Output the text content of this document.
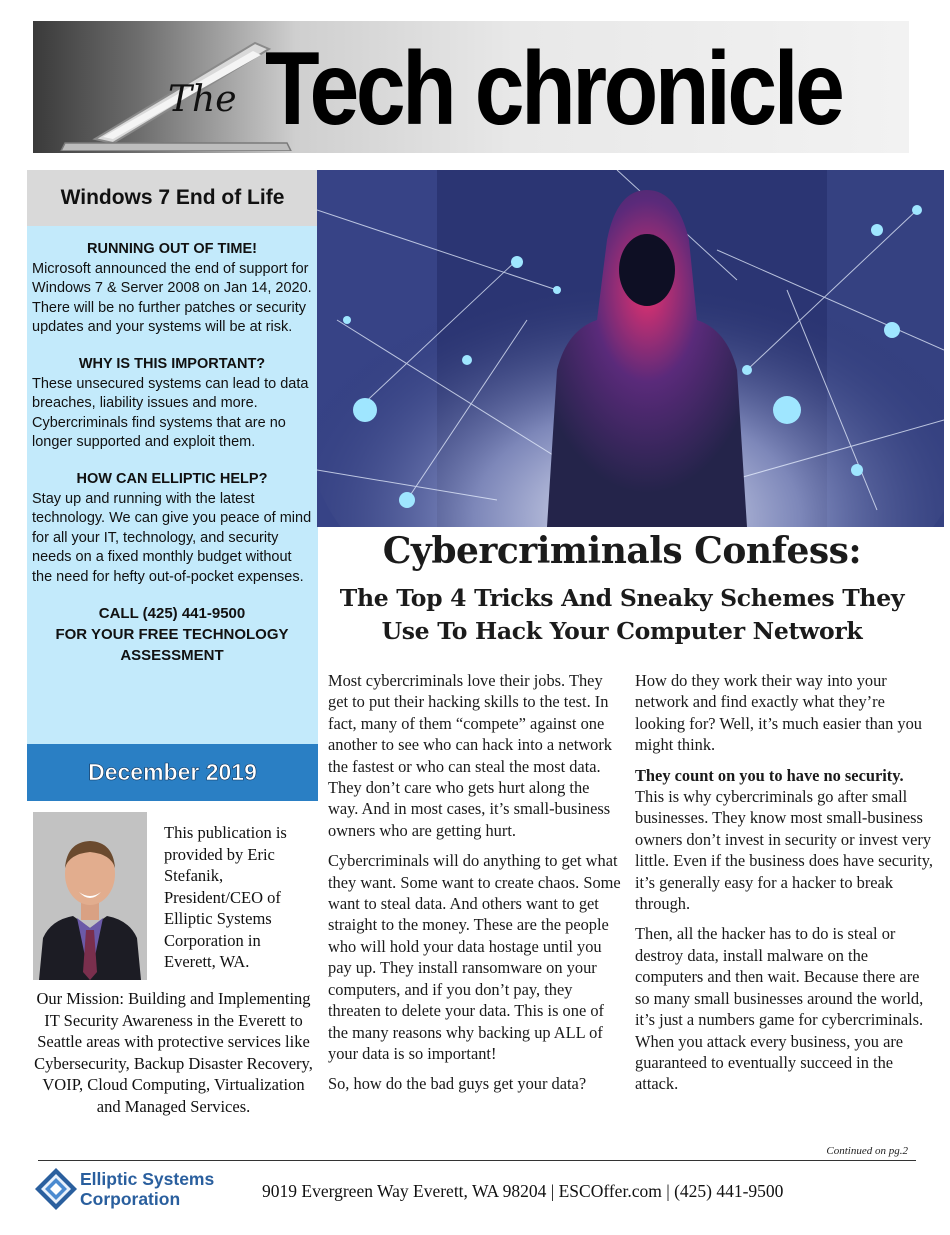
The Tech chronicle
Windows 7 End of Life
RUNNING OUT OF TIME!
Microsoft announced the end of support for Windows 7 & Server 2008 on Jan 14, 2020. There will be no further patches or security updates and your systems will be at risk.
WHY IS THIS IMPORTANT?
These unsecured systems can lead to data breaches, liability issues and more. Cybercriminals find systems that are no longer supported and exploit them.
HOW CAN ELLIPTIC HELP?
Stay up and running with the latest technology. We can give you peace of mind for all your IT, technology, and security needs on a fixed monthly budget without the need for hefty out-of-pocket expenses.
CALL (425) 441-9500
FOR YOUR FREE TECHNOLOGY
ASSESSMENT
December 2019
This publication is provided by Eric Stefanik, President/CEO of Elliptic Systems Corporation in Everett, WA.
Our Mission: Building and Implementing IT Security Awareness in the Everett to Seattle areas with protective services like Cybersecurity, Backup Disaster Recovery, VOIP, Cloud Computing, Virtualization and Managed Services.
Cybercriminals Confess:
The Top 4 Tricks And Sneaky Schemes They Use To Hack Your Computer Network

Most cybercriminals love their jobs. They get to put their hacking skills to the test. In fact, many of them “compete” against one another to see who can hack into a network the fastest or who can steal the most data. They don’t care who gets hurt along the way. And in most cases, it’s small-business owners who are getting hurt.

Cybercriminals will do anything to get what they want. Some want to create chaos. Some want to steal data. And others want to get straight to the money. These are the people who will hold your data hostage until you pay up. They install ransomware on your computers, and if you don’t pay, they threaten to delete your data. This is one of the many reasons why backing up ALL of your data is so important!

So, how do the bad guys get your data?

How do they work their way into your network and find exactly what they’re looking for? Well, it’s much easier than you might think.

They count on you to have no security. This is why cybercriminals go after small businesses. They know most small-business owners don’t invest in security or invest very little. Even if the business does have security, it’s generally easy for a hacker to break through.

Then, all the hacker has to do is steal or destroy data, install malware on the computers and then wait. Because there are so many small businesses around the world, it’s just a numbers game for cybercriminals. When you attack every business, you are guaranteed to eventually succeed in the attack.

Continued on pg.2
Elliptic Systems
Corporation	9019 Evergreen Way Everett, WA 98204 | ESCOffer.com | (425) 441-9500
